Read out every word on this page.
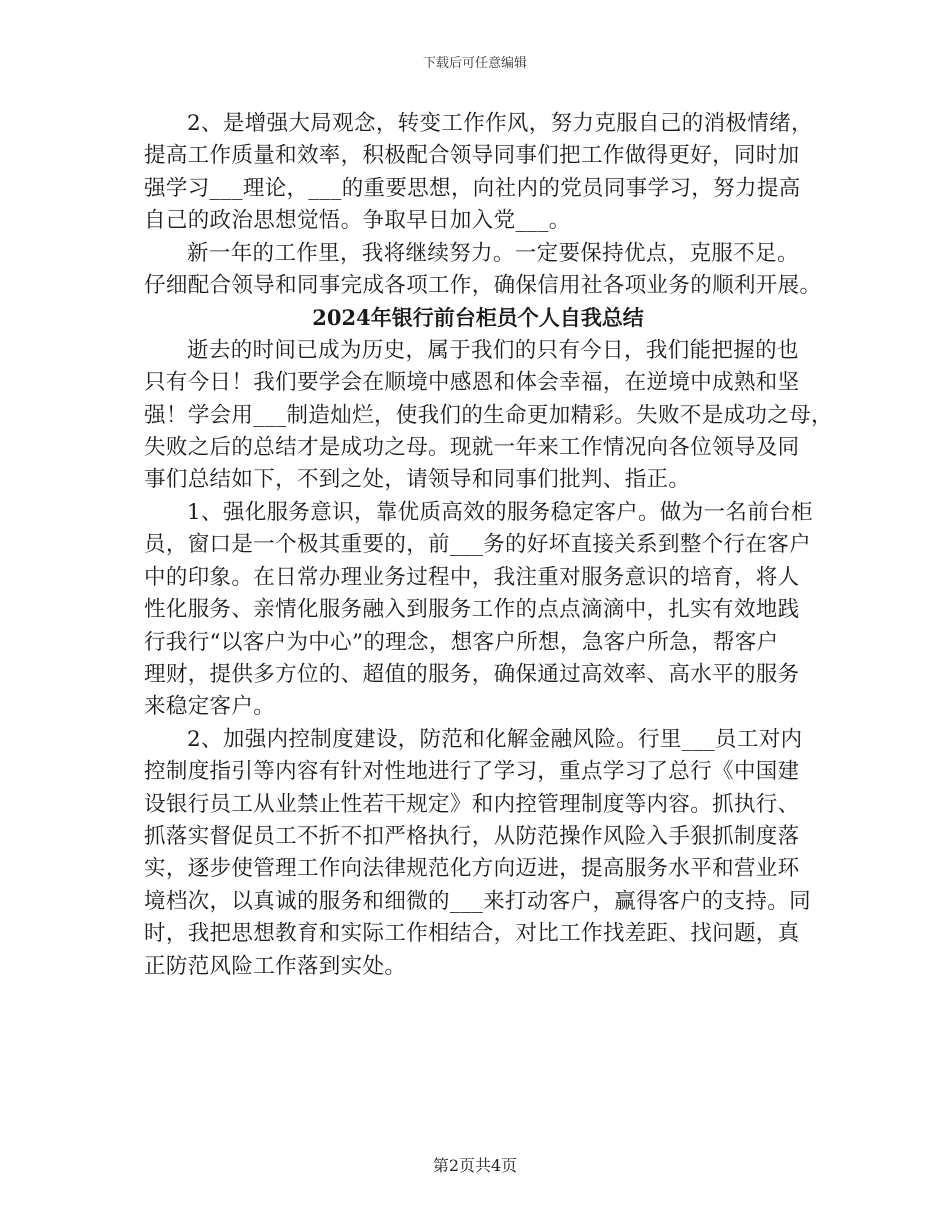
下载后可任意编辑
2、是增强大局观念，转变工作作风，努力克服自己的消极情绪，
提高工作质量和效率，积极配合领导同事们把工作做得更好，同时加
强学习___理论，___的重要思想，向社内的党员同事学习，努力提高
自己的政治思想觉悟。争取早日加入党___。
新一年的工作里，我将继续努力。一定要保持优点，克服不足。
仔细配合领导和同事完成各项工作，确保信用社各项业务的顺利开展。
2024年银行前台柜员个人自我总结
逝去的时间已成为历史，属于我们的只有今日，我们能把握的也
只有今日！我们要学会在顺境中感恩和体会幸福，在逆境中成熟和坚
强！学会用___制造灿烂，使我们的生命更加精彩。失败不是成功之母，
失败之后的总结才是成功之母。现就一年来工作情况向各位领导及同
事们总结如下，不到之处，请领导和同事们批判、指正。
1、强化服务意识，靠优质高效的服务稳定客户。做为一名前台柜
员，窗口是一个极其重要的，前___务的好坏直接关系到整个行在客户
中的印象。在日常办理业务过程中，我注重对服务意识的培育，将人
性化服务、亲情化服务融入到服务工作的点点滴滴中，扎实有效地践
行我行“以客户为中心”的理念，想客户所想，急客户所急，帮客户
理财，提供多方位的、超值的服务，确保通过高效率、高水平的服务
来稳定客户。
2、加强内控制度建设，防范和化解金融风险。行里___员工对内
控制度指引等内容有针对性地进行了学习，重点学习了总行《中国建
设银行员工从业禁止性若干规定》和内控管理制度等内容。抓执行、
抓落实督促员工不折不扣严格执行，从防范操作风险入手狠抓制度落
实，逐步使管理工作向法律规范化方向迈进，提高服务水平和营业环
境档次，以真诚的服务和细微的___来打动客户，赢得客户的支持。同
时，我把思想教育和实际工作相结合，对比工作找差距、找问题，真
正防范风险工作落到实处。
第2页共4页
